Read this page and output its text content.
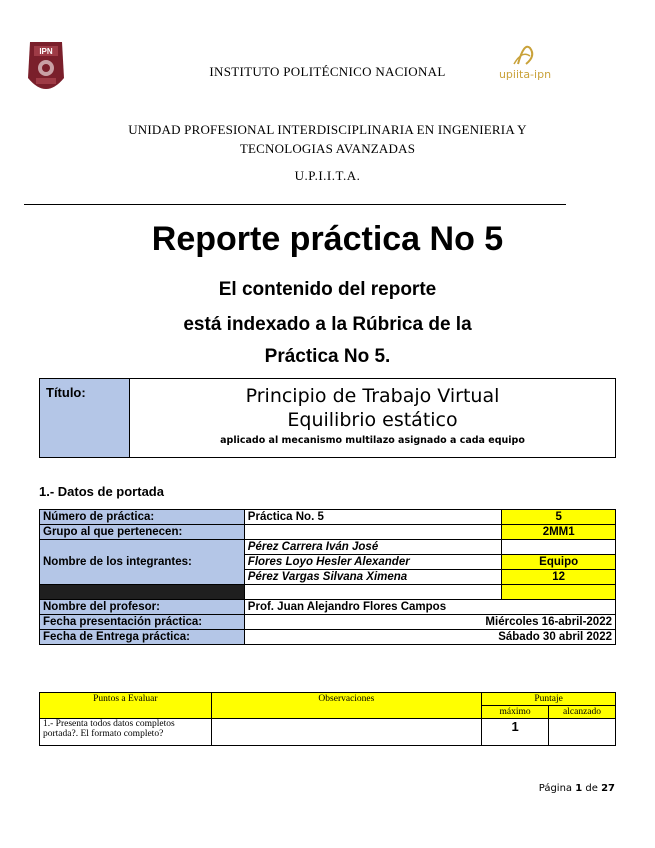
IPN
upiita-ipn
INSTITUTO POLITÉCNICO NACIONAL
UNIDAD PROFESIONAL INTERDISCIPLINARIA EN INGENIERIA Y
TECNOLOGIAS AVANZADAS
U.P.I.I.T.A.
Reporte práctica No 5
El contenido del reporte
está indexado a la Rúbrica de la
Práctica No 5.
Título:	Principio de Trabajo Virtual
Equilibrio estático
aplicado al mecanismo multilazo asignado a cada equipo
1.- Datos de portada
Número de práctica:	Práctica No. 5	5
Grupo al que pertenecen:		2MM1
Nombre de los integrantes:	Pérez Carrera Iván José	
	Flores Loyo Hesler Alexander	Equipo
	Pérez Vargas Silvana Ximena	12

Nombre del profesor:	Prof. Juan Alejandro Flores Campos	
Fecha presentación práctica:	Miércoles 16-abril-2022	
Fecha de Entrega práctica:	Sábado 30 abril 2022	
Puntos a Evaluar	Observaciones	Puntaje	
		máximo	alcanzado
1.- Presenta todos datos completos portada?. El formato completo?		1	
Página 1 de 27
